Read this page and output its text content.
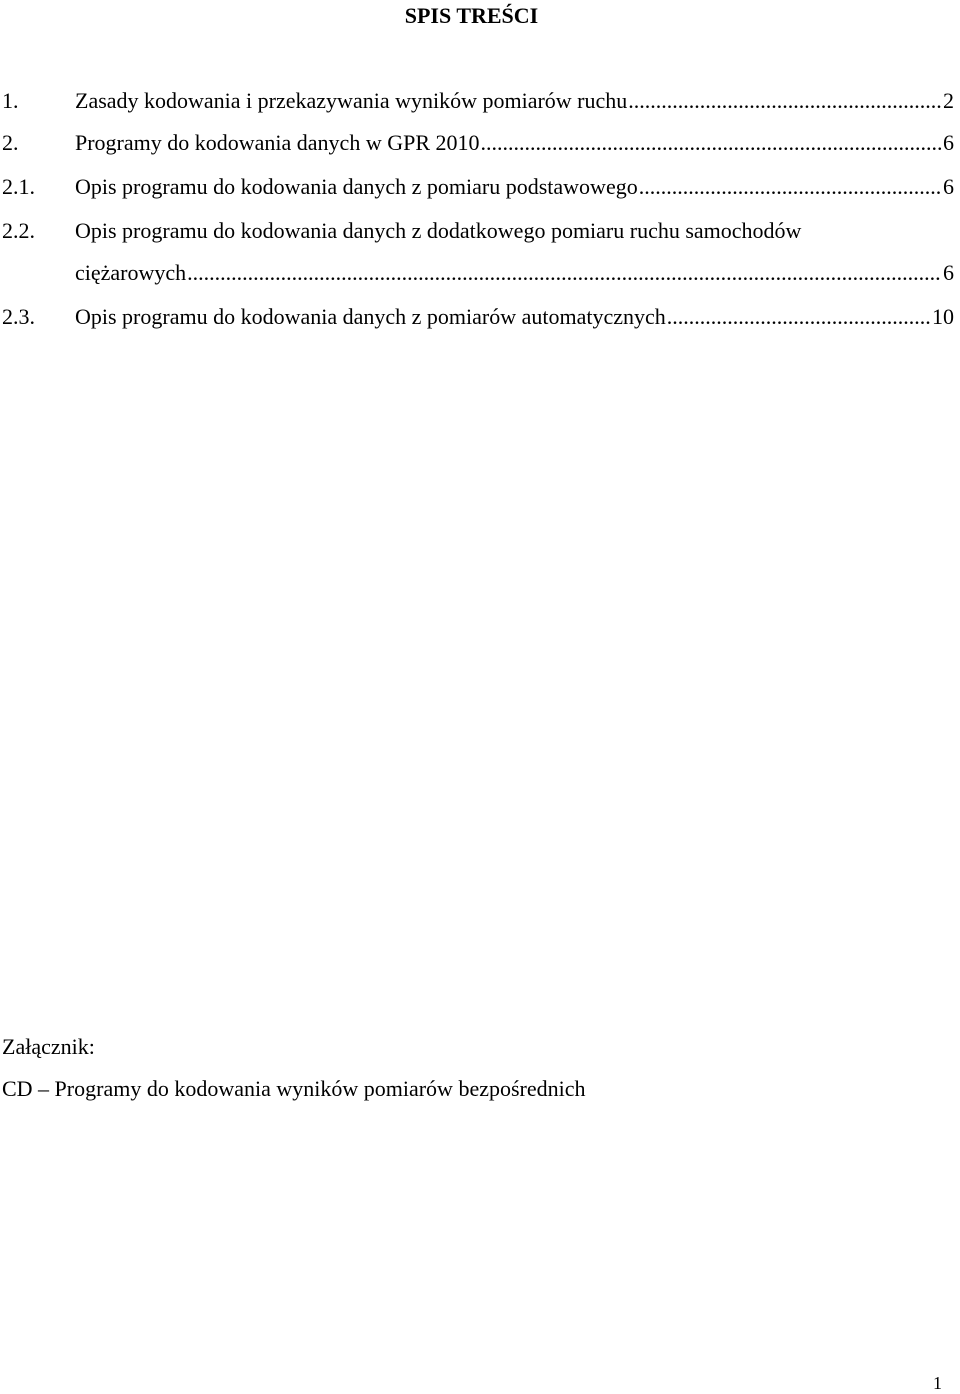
SPIS TREŚCI
1.	Zasady kodowania i przekazywania wyników pomiarów ruchu .....	2
2.	Programy do kodowania danych w GPR 2010 .....	6
2.1.	Opis programu do kodowania danych z pomiaru podstawowego .....	6
2.2.	Opis programu do kodowania danych z dodatkowego pomiaru ruchu samochodów
ciężarowych .....	6
2.3.	Opis programu do kodowania danych z pomiarów automatycznych .....	10
Załącznik:
CD – Programy do kodowania wyników pomiarów bezpośrednich
1
